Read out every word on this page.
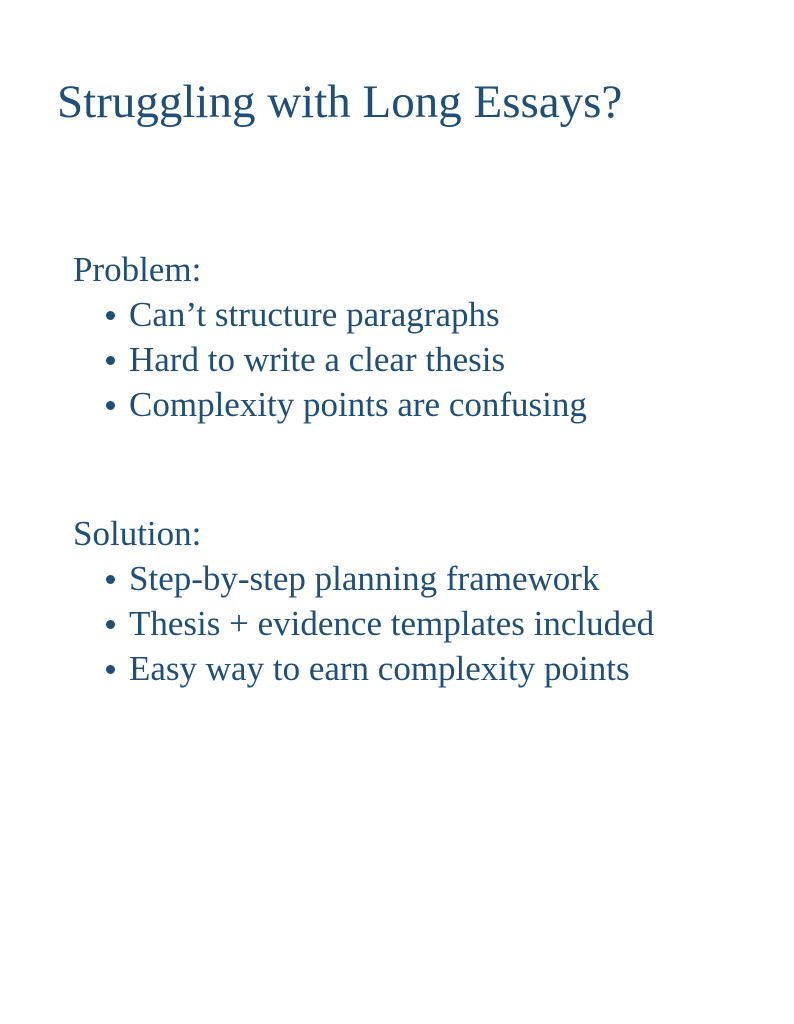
Struggling with Long Essays?

Problem:

Can’t structure paragraphs
Hard to write a clear thesis
Complexity points are confusing

Solution:

Step-by-step planning framework
Thesis + evidence templates included
Easy way to earn complexity points
